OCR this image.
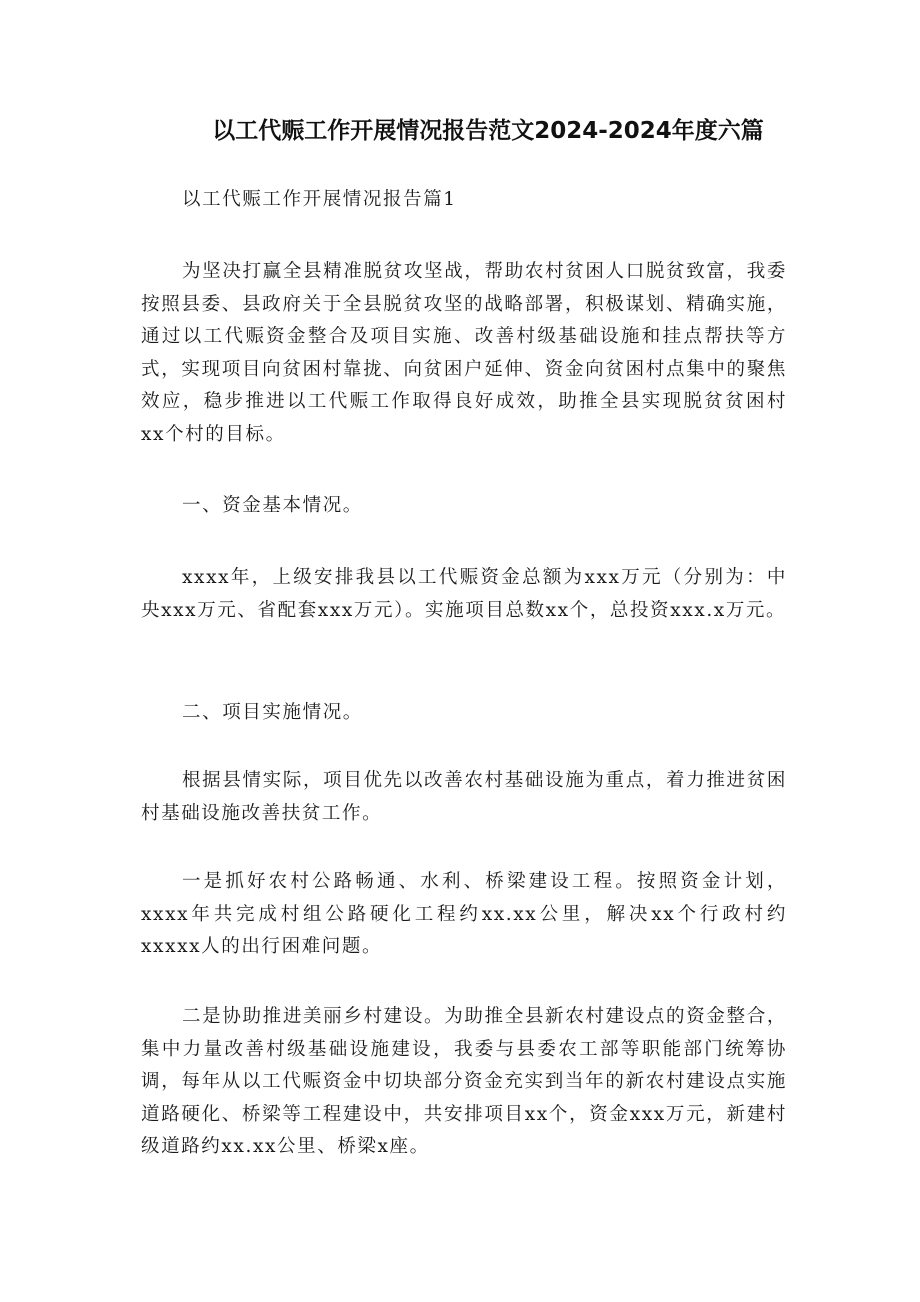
以工代赈工作开展情况报告范文2024-2024年度六篇
以工代赈工作开展情况报告篇1

为坚决打赢全县精准脱贫攻坚战，帮助农村贫困人口脱贫致富，我委按照县委、县政府关于全县脱贫攻坚的战略部署，积极谋划、精确实施，通过以工代赈资金整合及项目实施、改善村级基础设施和挂点帮扶等方式，实现项目向贫困村靠拢、向贫困户延伸、资金向贫困村点集中的聚焦效应，稳步推进以工代赈工作取得良好成效，助推全县实现脱贫贫困村xx个村的目标。

一、资金基本情况。

xxxx年，上级安排我县以工代赈资金总额为xxx万元（分别为：中央xxx万元、省配套xxx万元）。实施项目总数xx个，总投资xxx.x万元。

二、项目实施情况。

根据县情实际，项目优先以改善农村基础设施为重点，着力推进贫困村基础设施改善扶贫工作。

一是抓好农村公路畅通、水利、桥梁建设工程。按照资金计划，xxxx年共完成村组公路硬化工程约xx.xx公里，解决xx个行政村约xxxxx人的出行困难问题。

二是协助推进美丽乡村建设。为助推全县新农村建设点的资金整合，集中力量改善村级基础设施建设，我委与县委农工部等职能部门统筹协调，每年从以工代赈资金中切块部分资金充实到当年的新农村建设点实施道路硬化、桥梁等工程建设中，共安排项目xx个，资金xxx万元，新建村级道路约xx.xx公里、桥梁x座。
